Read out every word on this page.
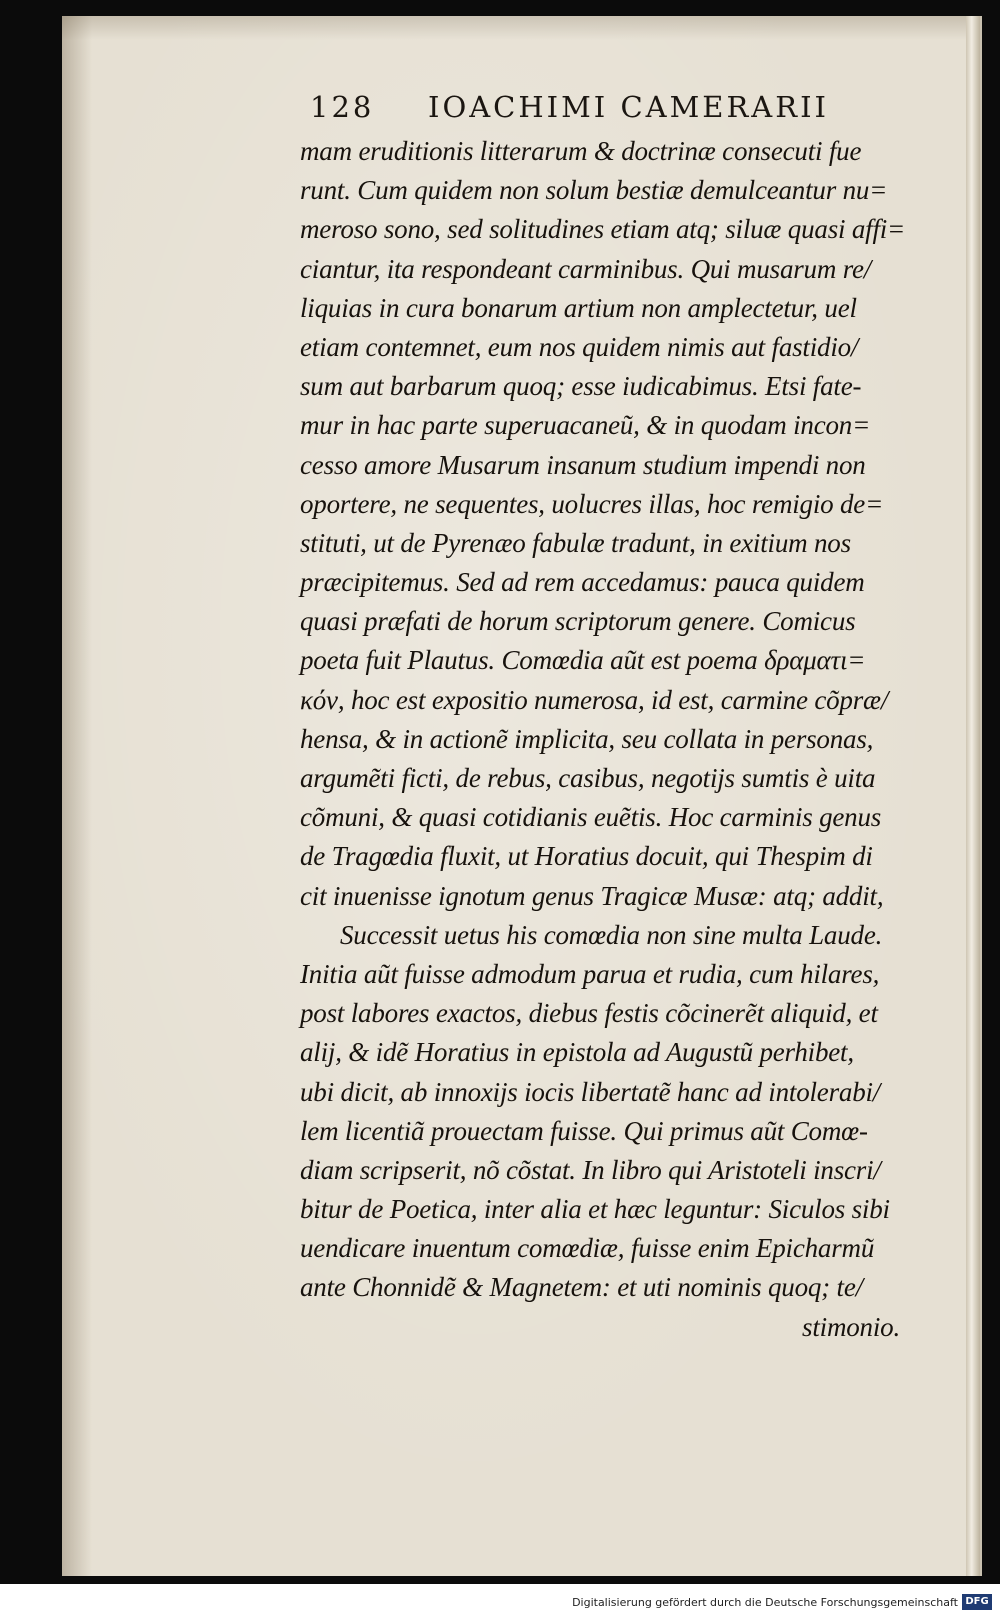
128 IOACHIMI CAMERARII
mam eruditionis litterarum & doctrinæ consecuti fue
runt. Cum quidem non solum bestiæ demulceantur nu=
meroso sono, sed solitudines etiam atq; siluæ quasi affi=
ciantur, ita respondeant carminibus. Qui musarum re/
liquias in cura bonarum artium non amplectetur, uel
etiam contemnet, eum nos quidem nimis aut fastidio/
sum aut barbarum quoq; esse iudicabimus. Etsi fate-
mur in hac parte superuacaneũ, & in quodam incon=
cesso amore Musarum insanum studium impendi non
oportere, ne sequentes, uolucres illas, hoc remigio de=
stituti, ut de Pyrenæo fabulæ tradunt, in exitium nos
præcipitemus. Sed ad rem accedamus: pauca quidem
quasi præfati de horum scriptorum genere. Comicus
poeta fuit Plautus. Comœdia aũt est poema δραματι=
κόν, hoc est expositio numerosa, id est, carmine cõpræ/
hensa, & in actionẽ implicita, seu collata in personas,
argumẽti ficti, de rebus, casibus, negotijs sumtis è uita
cõmuni, & quasi cotidianis euẽtis. Hoc carminis genus
de Tragœdia fluxit, ut Horatius docuit, qui Thespim di
cit inuenisse ignotum genus Tragicæ Musæ: atq; addit,
Successit uetus his comœdia non sine multa Laude.
Initia aũt fuisse admodum parua et rudia, cum hilares,
post labores exactos, diebus festis cõcinerẽt aliquid, et
alij, & idẽ Horatius in epistola ad Augustũ perhibet,
ubi dicit, ab innoxijs iocis libertatẽ hanc ad intolerabi/
lem licentiã prouectam fuisse. Qui primus aũt Comœ-
diam scripserit, nõ cõstat. In libro qui Aristoteli inscri/
bitur de Poetica, inter alia et hæc leguntur: Siculos sibi
uendicare inuentum comœdiæ, fuisse enim Epicharmũ
ante Chonnidẽ & Magnetem: et uti nominis quoq; te/
stimonio.
Digitalisierung gefördert durch die Deutsche Forschungsgemeinschaft DFG
